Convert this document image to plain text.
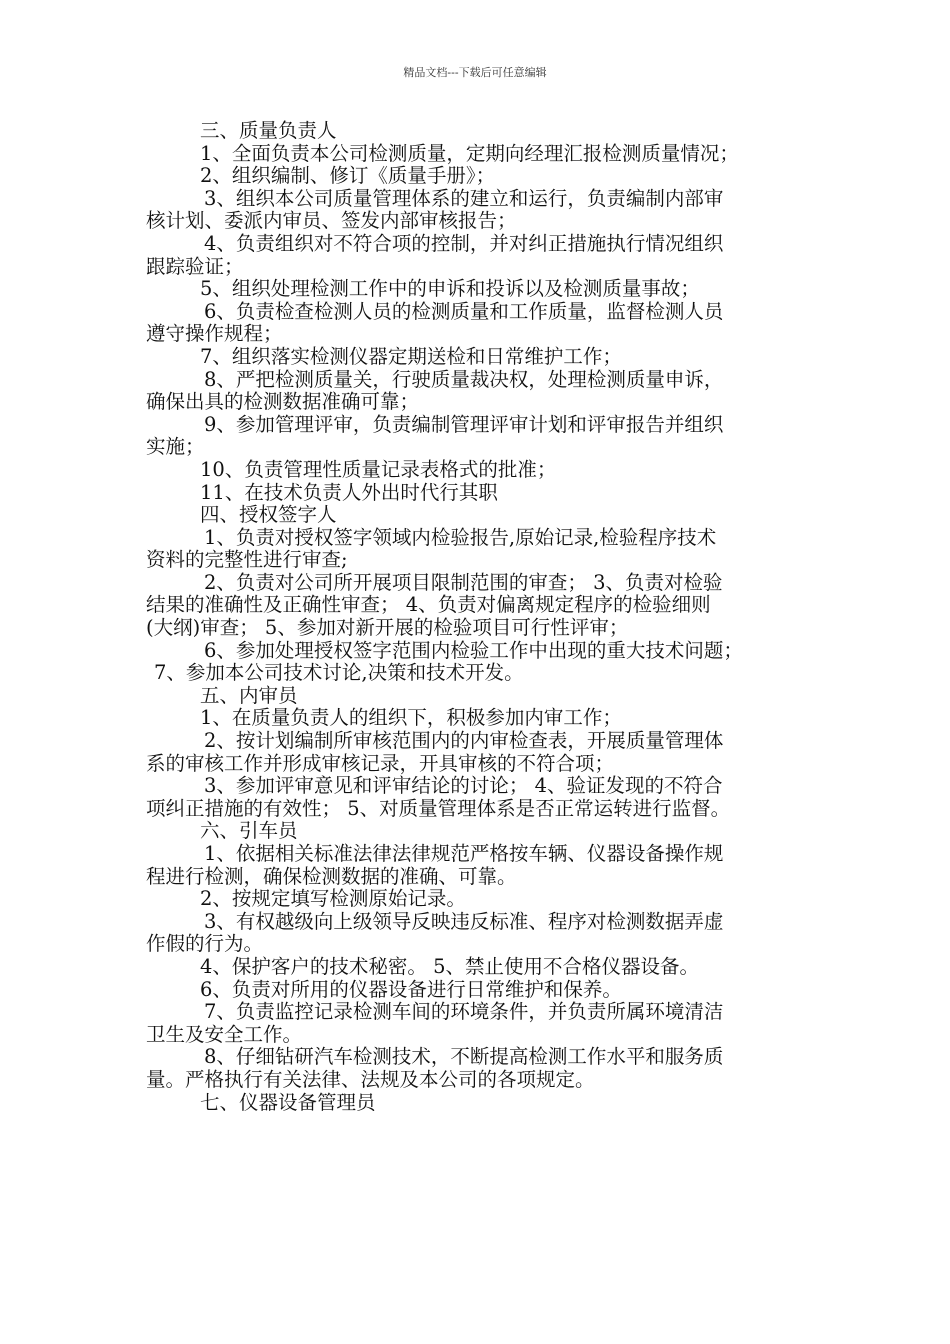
精品文档---下载后可任意编辑
三、质量负责人
1、全面负责本公司检测质量，定期向经理汇报检测质量情况；
2、组织编制、修订《质量手册》；
3、组织本公司质量管理体系的建立和运行，负责编制内部审
核计划、委派内审员、签发内部审核报告；
4、负责组织对不符合项的控制，并对纠正措施执行情况组织
跟踪验证；
5、组织处理检测工作中的申诉和投诉以及检测质量事故；
6、负责检查检测人员的检测质量和工作质量，监督检测人员
遵守操作规程；
7、组织落实检测仪器定期送检和日常维护工作；
8、严把检测质量关，行驶质量裁决权，处理检测质量申诉，
确保出具的检测数据准确可靠；
9、参加管理评审，负责编制管理评审计划和评审报告并组织
实施；
10、负责管理性质量记录表格式的批准；
11、在技术负责人外出时代行其职
四、授权签字人
1、负责对授权签字领域内检验报告,原始记录,检验程序技术
资料的完整性进行审查;
2、负责对公司所开展项目限制范围的审查； 3、负责对检验
结果的准确性及正确性审查； 4、负责对偏离规定程序的检验细则
(大纲)审查； 5、参加对新开展的检验项目可行性评审；
6、参加处理授权签字范围内检验工作中出现的重大技术问题；
7、参加本公司技术讨论,决策和技术开发。
五、内审员
1、在质量负责人的组织下，积极参加内审工作；
2、按计划编制所审核范围内的内审检查表，开展质量管理体
系的审核工作并形成审核记录，开具审核的不符合项；
3、参加评审意见和评审结论的讨论； 4、验证发现的不符合
项纠正措施的有效性； 5、对质量管理体系是否正常运转进行监督。
六、引车员
1、依据相关标准法律法律规范严格按车辆、仪器设备操作规
程进行检测，确保检测数据的准确、可靠。
2、按规定填写检测原始记录。
3、有权越级向上级领导反映违反标准、程序对检测数据弄虚
作假的行为。
4、保护客户的技术秘密。 5、禁止使用不合格仪器设备。
6、负责对所用的仪器设备进行日常维护和保养。
7、负责监控记录检测车间的环境条件，并负责所属环境清洁
卫生及安全工作。
8、仔细钻研汽车检测技术，不断提高检测工作水平和服务质
量。严格执行有关法律、法规及本公司的各项规定。
七、仪器设备管理员
